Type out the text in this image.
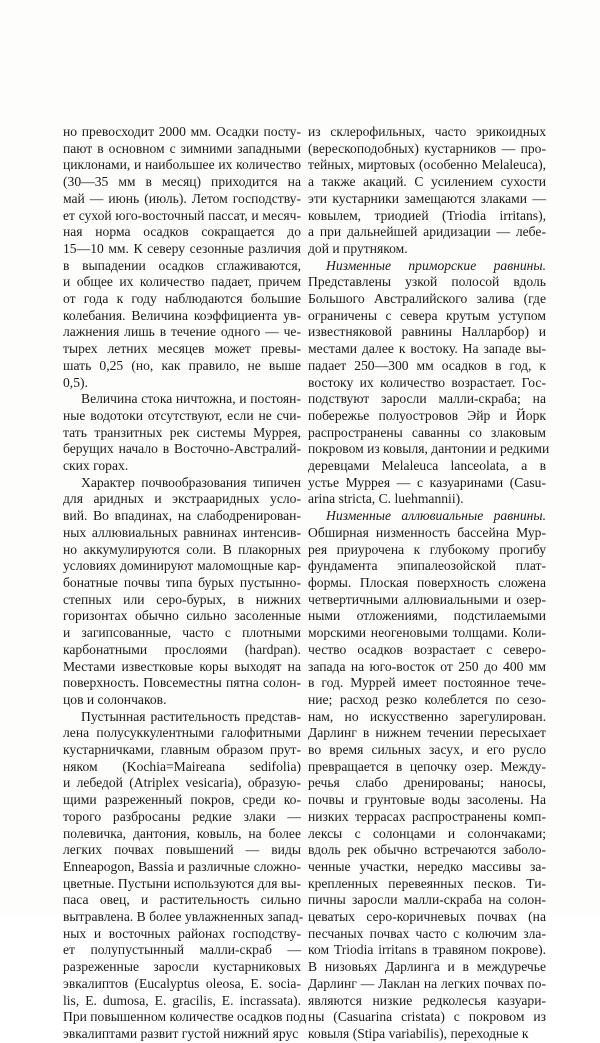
но превосходит 2000 мм. Осадки посту-
пают в основном с зимними западными
циклонами, и наибольшее их количество
(30—35 мм в месяц) приходится на
май — июнь (июль). Летом господству-
ет сухой юго-восточный пассат, и месяч-
ная норма осадков сокращается до
15—10 мм. К северу сезонные различия
в выпадении осадков сглаживаются,
и общее их количество падает, причем
от года к году наблюдаются большие
колебания. Величина коэффициента ув-
лажнения лишь в течение одного — че-
тырех летних месяцев может превы-
шать 0,25 (но, как правило, не выше
0,5).
Величина стока ничтожна, и постоян-
ные водотоки отсутствуют, если не счи-
тать транзитных рек системы Муррея,
берущих начало в Восточно-Австралий-
ских горах.
Характер почвообразования типичен
для аридных и экстрааридных усло-
вий. Во впадинах, на слабодренирован-
ных аллювиальных равнинах интенсив-
но аккумулируются соли. В плакорных
условиях доминируют маломощные кар-
бонатные почвы типа бурых пустынно-
степных или серо-бурых, в нижних
горизонтах обычно сильно засоленные
и загипсованные, часто с плотными
карбонатными прослоями (hardpan).
Местами известковые коры выходят на
поверхность. Повсеместны пятна солон-
цов и солончаков.
Пустынная растительность представ-
лена полусуккулентными галофитными
кустарничками, главным образом прут-
няком (Kochia=Maireana sedifolia)
и лебедой (Atriplex vesicaria), образую-
щими разреженный покров, среди ко-
торого разбросаны редкие злаки —
полевичка, дантония, ковыль, на более
легких почвах повышений — виды
Enneapogon, Bassia и различные сложно-
цветные. Пустыни используются для вы-
паса овец, и растительность сильно
вытравлена. В более увлажненных запад-
ных и восточных районах господству-
ет полупустынный малли-скраб —
разреженные заросли кустарниковых
эвкалиптов (Eucalyptus oleosa, E. socia-
lis, E. dumosa, E. gracilis, E. incrassata).
При повышенном количестве осадков под
эвкалиптами развит густой нижний ярус
из склерофильных, часто эрикоидных
(верескоподобных) кустарников — про-
тейных, миртовых (особенно Melaleuca),
а также акаций. С усилением сухости
эти кустарники замещаются злаками —
ковылем, триодией (Triodia irritans),
а при дальнейшей аридизации — лебе-
дой и прутняком.
Низменные приморские равнины.
Представлены узкой полосой вдоль
Большого Австралийского залива (где
ограничены с севера крутым уступом
известняковой равнины Налларбор) и
местами далее к востоку. На западе вы-
падает 250—300 мм осадков в год, к
востоку их количество возрастает. Гос-
подствуют заросли малли-скраба; на
побережье полуостровов Эйр и Йорк
распространены саванны со злаковым
покровом из ковыля, дантонии и редкими
деревцами Melaleuca lanceolata, а в
устье Муррея — с казуаринами (Casu-
arina stricta, C. luehmannii).
Низменные аллювиальные равнины.
Обширная низменность бассейна Мур-
рея приурочена к глубокому прогибу
фундамента эпипалеозойской плат-
формы. Плоская поверхность сложена
четвертичными аллювиальными и озер-
ными отложениями, подстилаемыми
морскими неогеновыми толщами. Коли-
чество осадков возрастает с северо-
запада на юго-восток от 250 до 400 мм
в год. Муррей имеет постоянное тече-
ние; расход резко колеблется по сезо-
нам, но искусственно зарегулирован.
Дарлинг в нижнем течении пересыхает
во время сильных засух, и его русло
превращается в цепочку озер. Между-
речья слабо дренированы; наносы,
почвы и грунтовые воды засолены. На
низких террасах распространены комп-
лексы с солонцами и солончаками;
вдоль рек обычно встречаются заболо-
ченные участки, нередко массивы за-
крепленных перевеянных песков. Ти-
пичны заросли малли-скраба на солон-
цеватых серо-коричневых почвах (на
песчаных почвах часто с колючим зла-
ком Triodia irritans в травяном покрове).
В низовьях Дарлинга и в междуречье
Дарлинг — Лаклан на легких почвах по-
являются низкие редколесья казуари-
ны (Casuarina cristata) с покровом из
ковыля (Stipa variabilis), переходные к
